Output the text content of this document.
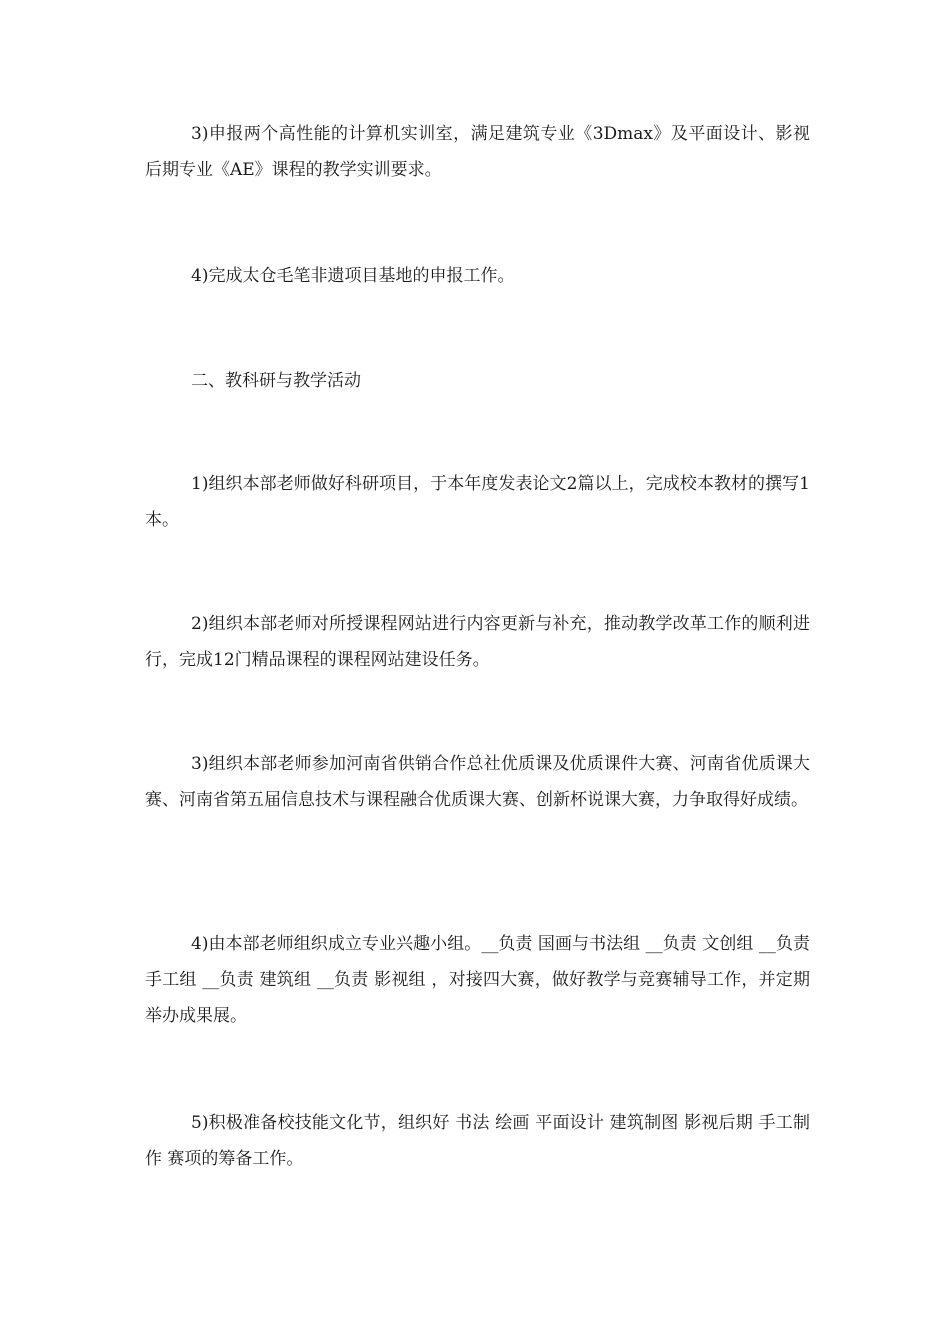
3)申报两个高性能的计算机实训室，满足建筑专业《3Dmax》及平面设计、影视后期专业《AE》课程的教学实训要求。

4)完成太仓毛笔非遗项目基地的申报工作。

二、教科研与教学活动

1)组织本部老师做好科研项目，于本年度发表论文2篇以上，完成校本教材的撰写1本。

2)组织本部老师对所授课程网站进行内容更新与补充，推动教学改革工作的顺利进行，完成12门精品课程的课程网站建设任务。

3)组织本部老师参加河南省供销合作总社优质课及优质课件大赛、河南省优质课大赛、河南省第五届信息技术与课程融合优质课大赛、创新杯说课大赛，力争取得好成绩。

4)由本部老师组织成立专业兴趣小组。__负责 国画与书法组 __负责 文创组 __负责 手工组 __负责 建筑组 __负责 影视组 ，对接四大赛，做好教学与竞赛辅导工作，并定期举办成果展。

5)积极准备校技能文化节，组织好 书法 绘画 平面设计 建筑制图 影视后期 手工制作 赛项的筹备工作。
